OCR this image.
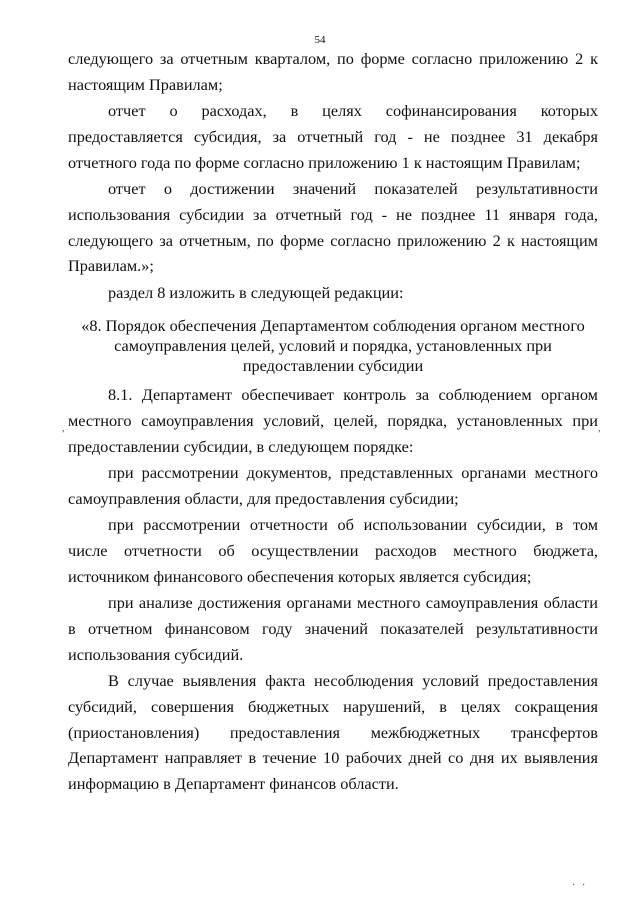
54

следующего за отчетным кварталом, по форме согласно приложению 2 к настоящим Правилам;

отчет о расходах, в целях софинансирования которых предоставляется субсидия, за отчетный год - не позднее 31 декабря отчетного года по форме согласно приложению 1 к настоящим Правилам;

отчет о достижении значений показателей результативности использования субсидии за отчетный год - не позднее 11 января года, следующего за отчетным, по форме согласно приложению 2 к настоящим Правилам.»;

раздел 8 изложить в следующей редакции:

«8. Порядок обеспечения Департаментом соблюдения органом местного самоуправления целей, условий и порядка, установленных при предоставлении субсидии

8.1. Департамент обеспечивает контроль за соблюдением органом местного самоуправления условий, целей, порядка, установленных при предоставлении субсидии, в следующем порядке:

при рассмотрении документов, представленных органами местного самоуправления области, для предоставления субсидии;

при рассмотрении отчетности об использовании субсидии, в том числе отчетности об осуществлении расходов местного бюджета, источником финансового обеспечения которых является субсидия;

при анализе достижения органами местного самоуправления области в отчетном финансовом году значений показателей результативности использования субсидий.

В случае выявления факта несоблюдения условий предоставления субсидий, совершения бюджетных нарушений, в целях сокращения (приостановления) предоставления межбюджетных трансфертов Департамент направляет в течение 10 рабочих дней со дня их выявления информацию в Департамент финансов области.

,	,
· ·
